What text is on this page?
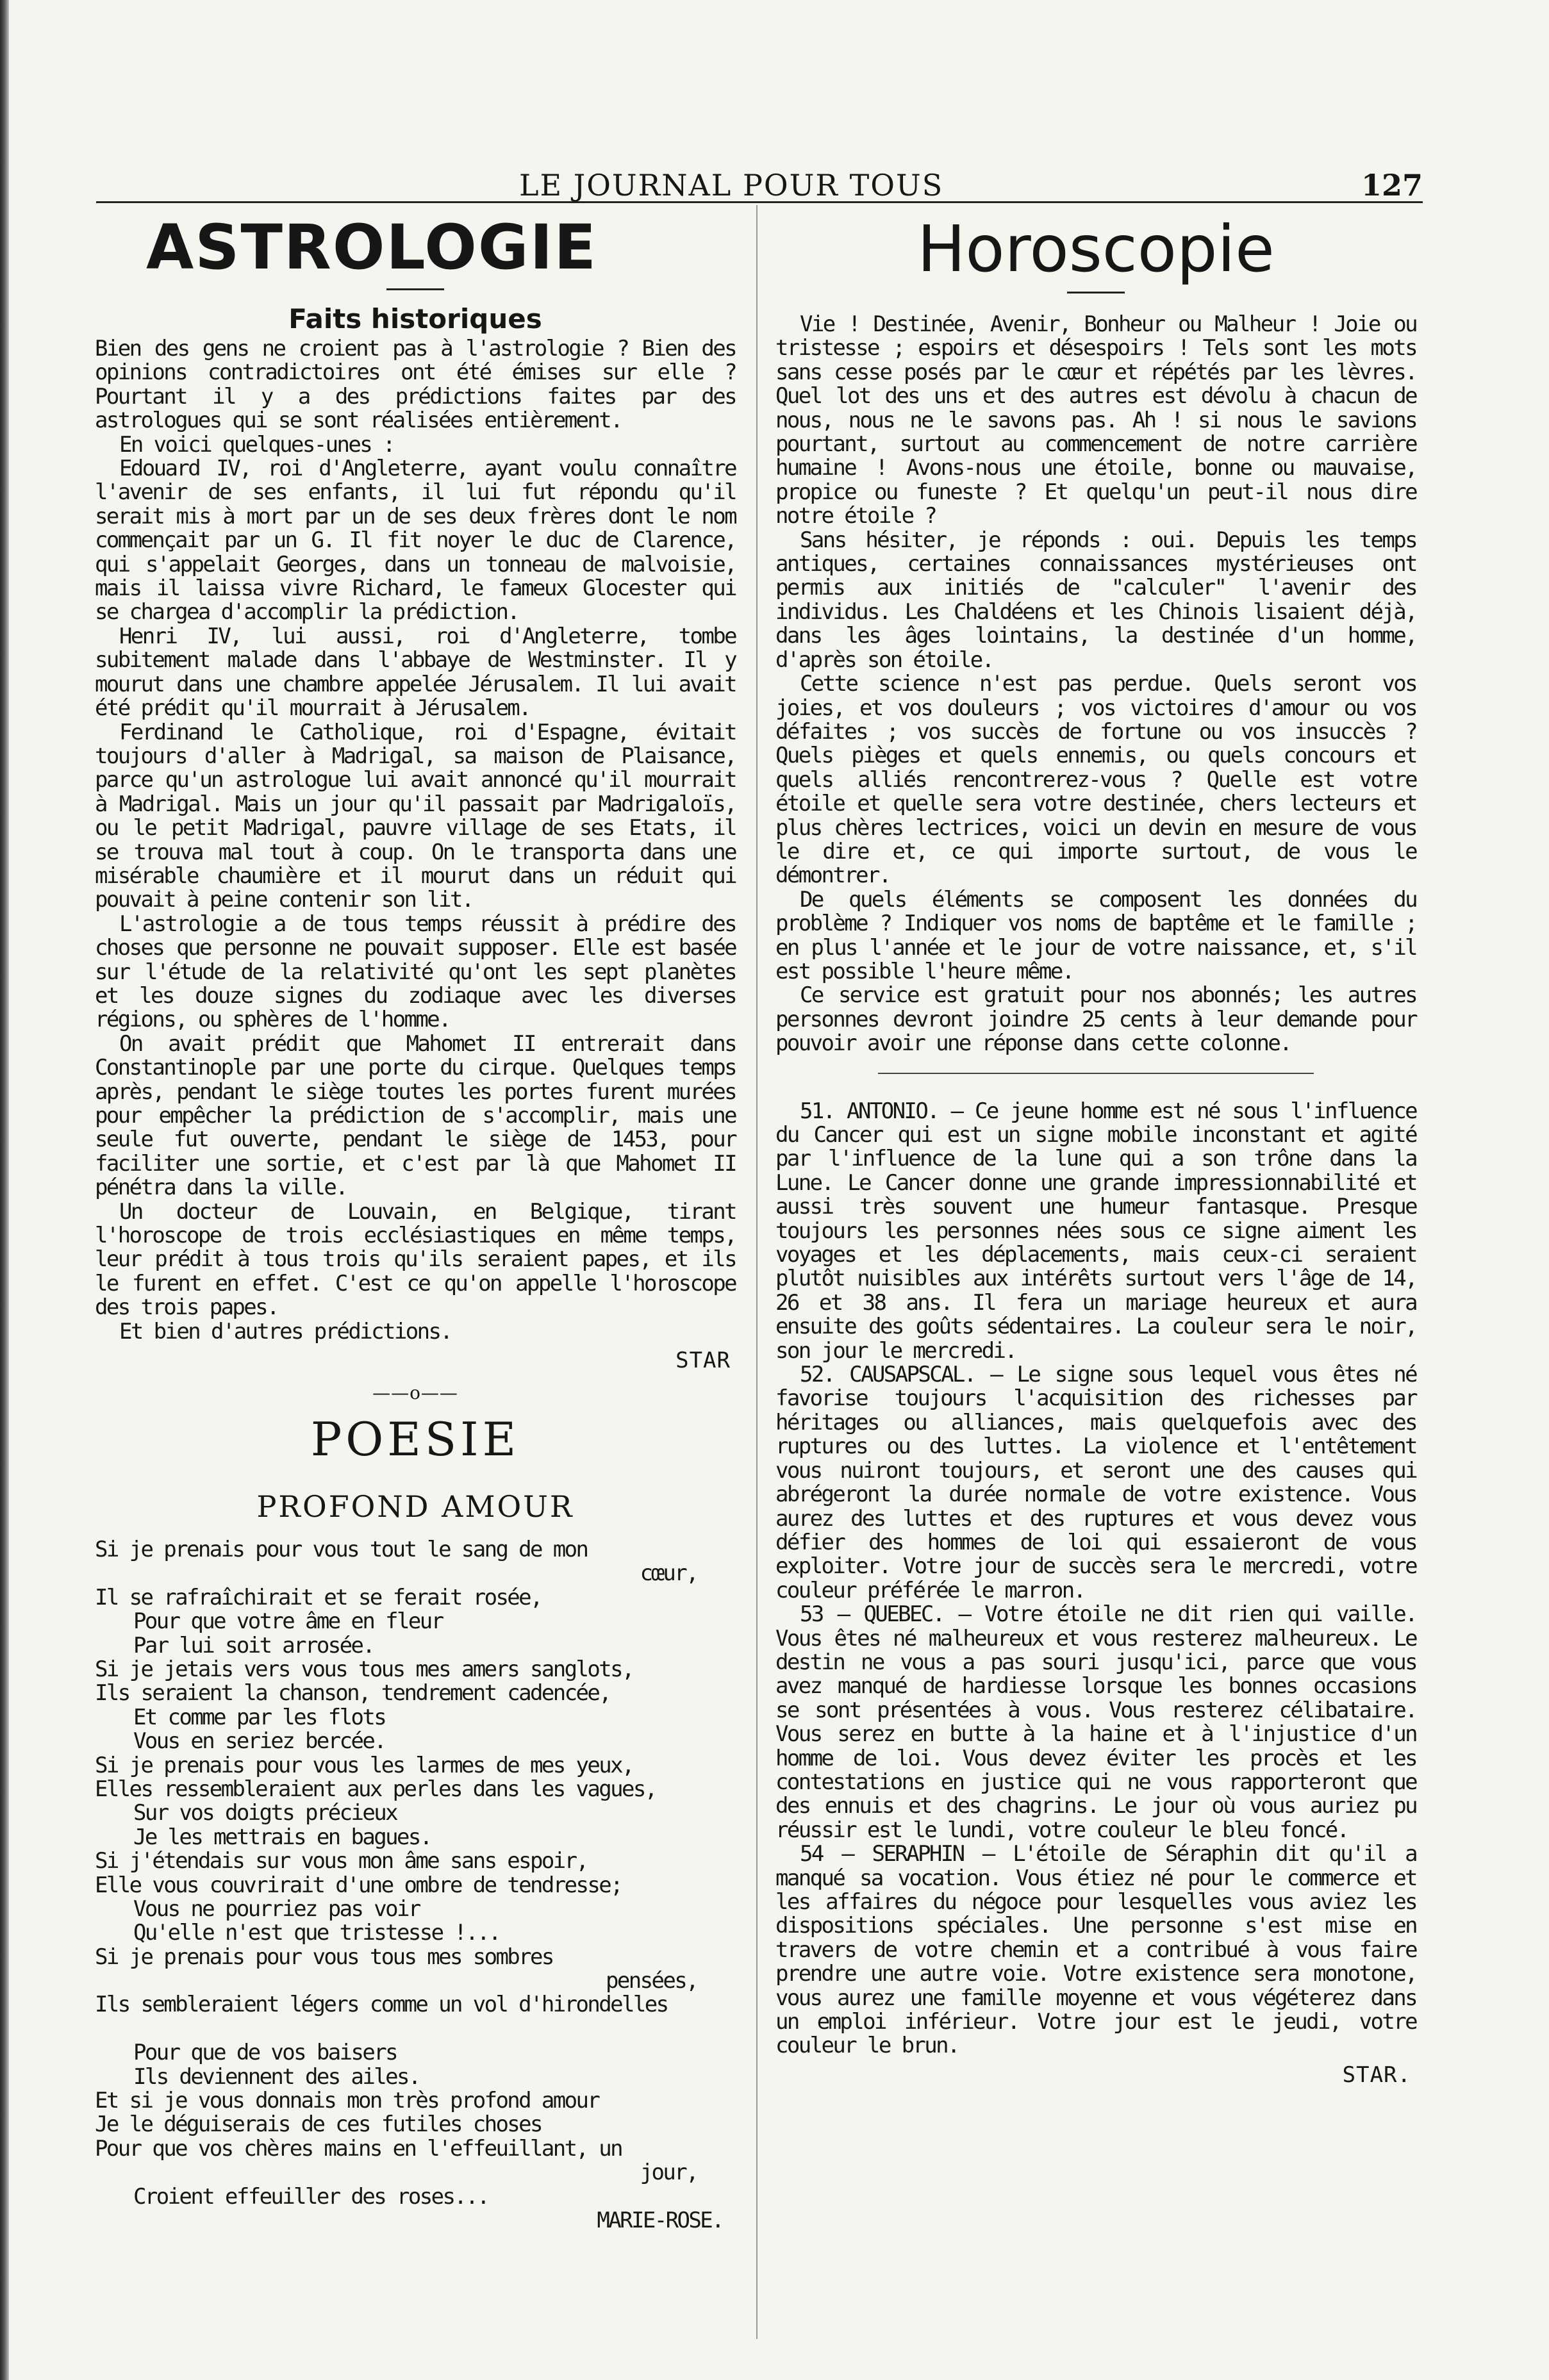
LE JOURNAL POUR TOUS	127
ASTROLOGIE
Faits historiques

Bien des gens ne croient pas à l'astrologie ? Bien des opinions contradictoires ont été émises sur elle ? Pourtant il y a des prédictions faites par des astrologues qui se sont réalisées entièrement.

En voici quelques-unes :

Edouard IV, roi d'Angleterre, ayant voulu connaître l'avenir de ses enfants, il lui fut répondu qu'il serait mis à mort par un de ses deux frères dont le nom commençait par un G. Il fit noyer le duc de Clarence, qui s'appelait Georges, dans un tonneau de malvoisie, mais il laissa vivre Richard, le fameux Glocester qui se chargea d'accomplir la prédiction.

Henri IV, lui aussi, roi d'Angleterre, tombe subitement malade dans l'abbaye de Westminster. Il y mourut dans une chambre appelée Jérusalem. Il lui avait été prédit qu'il mourrait à Jérusalem.

Ferdinand le Catholique, roi d'Espagne, évitait toujours d'aller à Madrigal, sa maison de Plaisance, parce qu'un astrologue lui avait annoncé qu'il mourrait à Madrigal. Mais un jour qu'il passait par Madrigaloïs, ou le petit Madrigal, pauvre village de ses Etats, il se trouva mal tout à coup. On le transporta dans une misérable chaumière et il mourut dans un réduit qui pouvait à peine contenir son lit.

L'astrologie a de tous temps réussit à prédire des choses que personne ne pouvait supposer. Elle est basée sur l'étude de la relativité qu'ont les sept planètes et les douze signes du zodiaque avec les diverses régions, ou sphères de l'homme.

On avait prédit que Mahomet II entrerait dans Constantinople par une porte du cirque. Quelques temps après, pendant le siège toutes les portes furent murées pour empêcher la prédiction de s'accomplir, mais une seule fut ouverte, pendant le siège de 1453, pour faciliter une sortie, et c'est par là que Mahomet II pénétra dans la ville.

Un docteur de Louvain, en Belgique, tirant l'horoscope de trois ecclésiastiques en même temps, leur prédit à tous trois qu'ils seraient papes, et ils le furent en effet. C'est ce qu'on appelle l'horoscope des trois papes.

Et bien d'autres prédictions.

STAR
——o——
POESIE
PROFOND AMOUR
Si je prenais pour vous tout le sang de mon
cœur,
Il se rafraîchirait et se ferait rosée,
Pour que votre âme en fleur
Par lui soit arrosée.
Si je jetais vers vous tous mes amers sanglots,
Ils seraient la chanson, tendrement cadencée,
Et comme par les flots
Vous en seriez bercée.
Si je prenais pour vous les larmes de mes yeux,
Elles ressembleraient aux perles dans les vagues,
Sur vos doigts précieux
Je les mettrais en bagues.
Si j'étendais sur vous mon âme sans espoir,
Elle vous couvrirait d'une ombre de tendresse;
Vous ne pourriez pas voir
Qu'elle n'est que tristesse !...
Si je prenais pour vous tous mes sombres
pensées,
Ils sembleraient légers comme un vol d'hirondelles
Pour que de vos baisers
Ils deviennent des ailes.
Et si je vous donnais mon très profond amour
Je le déguiserais de ces futiles choses
Pour que vos chères mains en l'effeuillant, un
jour,
Croient effeuiller des roses...
MARIE-ROSE.
Horoscopie

Vie ! Destinée, Avenir, Bonheur ou Malheur ! Joie ou tristesse ; espoirs et désespoirs ! Tels sont les mots sans cesse posés par le cœur et répétés par les lèvres. Quel lot des uns et des autres est dévolu à chacun de nous, nous ne le savons pas. Ah ! si nous le savions pourtant, surtout au commencement de notre carrière humaine ! Avons-nous une étoile, bonne ou mauvaise, propice ou funeste ? Et quelqu'un peut-il nous dire notre étoile ?

Sans hésiter, je réponds : oui. Depuis les temps antiques, certaines connaissances mystérieuses ont permis aux initiés de "calculer" l'avenir des individus. Les Chaldéens et les Chinois lisaient déjà, dans les âges lointains, la destinée d'un homme, d'après son étoile.

Cette science n'est pas perdue. Quels seront vos joies, et vos douleurs ; vos victoires d'amour ou vos défaites ; vos succès de fortune ou vos insuccès ? Quels pièges et quels ennemis, ou quels concours et quels alliés rencontrerez-vous ? Quelle est votre étoile et quelle sera votre destinée, chers lecteurs et plus chères lectrices, voici un devin en mesure de vous le dire et, ce qui importe surtout, de vous le démontrer.

De quels éléments se composent les données du problème ? Indiquer vos noms de baptême et le famille ; en plus l'année et le jour de votre naissance, et, s'il est possible l'heure même.

Ce service est gratuit pour nos abonnés; les autres personnes devront joindre 25 cents à leur demande pour pouvoir avoir une réponse dans cette colonne.

51. ANTONIO. — Ce jeune homme est né sous l'influence du Cancer qui est un signe mobile inconstant et agité par l'influence de la lune qui a son trône dans la Lune. Le Cancer donne une grande impressionnabilité et aussi très souvent une humeur fantasque. Presque toujours les personnes nées sous ce signe aiment les voyages et les déplacements, mais ceux-ci seraient plutôt nuisibles aux intérêts surtout vers l'âge de 14, 26 et 38 ans. Il fera un mariage heureux et aura ensuite des goûts sédentaires. La couleur sera le noir, son jour le mercredi.

52. CAUSAPSCAL. — Le signe sous lequel vous êtes né favorise toujours l'acquisition des richesses par héritages ou alliances, mais quelquefois avec des ruptures ou des luttes. La violence et l'entêtement vous nuiront toujours, et seront une des causes qui abrégeront la durée normale de votre existence. Vous aurez des luttes et des ruptures et vous devez vous défier des hommes de loi qui essaieront de vous exploiter. Votre jour de succès sera le mercredi, votre couleur préférée le marron.

53 — QUEBEC. — Votre étoile ne dit rien qui vaille. Vous êtes né malheureux et vous resterez malheureux. Le destin ne vous a pas souri jusqu'ici, parce que vous avez manqué de hardiesse lorsque les bonnes occasions se sont présentées à vous. Vous resterez célibataire. Vous serez en butte à la haine et à l'injustice d'un homme de loi. Vous devez éviter les procès et les contestations en justice qui ne vous rapporteront que des ennuis et des chagrins. Le jour où vous auriez pu réussir est le lundi, votre couleur le bleu foncé.

54 — SERAPHIN — L'étoile de Séraphin dit qu'il a manqué sa vocation. Vous étiez né pour le commerce et les affaires du négoce pour lesquelles vous aviez les dispositions spéciales. Une personne s'est mise en travers de votre chemin et a contribué à vous faire prendre une autre voie. Votre existence sera monotone, vous aurez une famille moyenne et vous végéterez dans un emploi inférieur. Votre jour est le jeudi, votre couleur le brun.

STAR.
